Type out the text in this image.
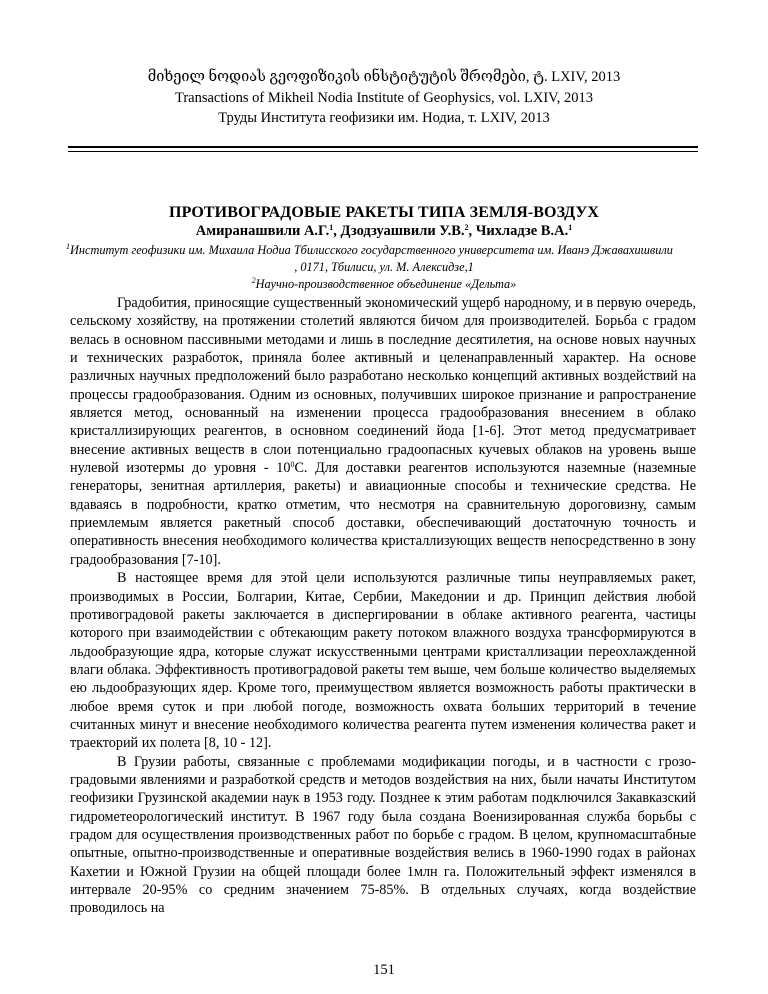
მიხეილ ნოდიას გეოფიზიკის ინსტიტუტის შრომები, ტ. LXIV, 2013
Transactions of Mikheil Nodia Institute of Geophysics, vol. LXIV, 2013
Труды Института геофизики им. Нодиа, т. LXIV, 2013
ПРОТИВОГРАДОВЫЕ РАКЕТЫ ТИПА ЗЕМЛЯ-ВОЗДУХ
Амиранашвили А.Г.$^1$, Дзодзуашвили У.В.$^2$, Чихладзе В.А.$^1$
$^1$Институт геофизики им. Михаила Нодиа Тбилисского государственного университета им. Иванэ Джавахишвили
, 0171, Тбилиси, ул. М. Алексидзе,1
$^2$Научно-производственное объединение «Дельта»

Градобития, приносящие существенный экономический ущерб народному, и в первую очередь, сельскому хозяйству, на протяжении столетий являются бичом для производителей. Борьба с градом велась в основном пассивными методами и лишь в последние десятилетия, на основе новых научных и технических разработок, приняла более активный и целенаправленный характер. На основе различных научных предположений было разработано несколько концепций активных воздействий на процессы градообразования. Одним из основных, получивших широкое признание и рапространение является метод, основанный на изменении процесса градообразования внесением в облако кристаллизирующих реагентов, в основном соединений йода [1-6]. Этот метод предусматривает внесение активных веществ в слои потенциально градоопасных кучевых облаков на уровень выше нулевой изотермы до уровня - $10^0С$. Для доставки реагентов используются наземные (наземные генераторы, зенитная артиллерия, ракеты) и авиационные способы и технические средства. Не вдаваясь в подробности, кратко отметим, что несмотря на сравнительную дороговизну, самым приемлемым является ракетный способ доставки, обеспечивающий достаточную точность и оперативность внесения необходимого количества кристаллизующих веществ непосредственно в зону градообразования [7-10].

В настоящее время для этой цели используются различные типы неуправляемых ракет, производимых в России, Болгарии, Китае, Сербии, Македонии и др. Принцип действия любой противоградовой ракеты заключается в диспергировании в облаке активного реагента, частицы которого при взаимодействии с обтекающим ракету потоком влажного воздуха трансформируются в льдообразующие ядра, которые служат искусственными центрами кристаллизации переохлажденной влаги облака. Эффективность противоградовой ракеты тем выше, чем больше количество выделяемых ею льдообразующих ядер. Кроме того, преимуществом является возможность работы практически в любое время суток и при любой погоде, возможность охвата больших территорий в течение считанных минут и внесение необходимого количества реагента путем изменения количества ракет и траекторий их полета [8, 10 - 12].

В Грузии работы, связанные с проблемами модификации погоды, и в частности с грозо-градовыми явлениями и разработкой средств и методов воздействия на них, были начаты Институтом геофизики Грузинской академии наук в 1953 году. Позднее к этим работам подключился Закавказский гидрометеорологический институт. В 1967 году была создана Военизированная служба борьбы с градом для осуществления производственных работ по борьбе с градом. В целом, крупномасштабные опытные, опытно-производственные и оперативные воздействия велись в 1960-1990 годах в районах Кахетии и Южной Грузии на общей площади более 1млн га. Положительный эффект изменялся в интервале 20-95% со средним значением 75-85%. В отдельных случаях, когда воздействие проводилось на

151
